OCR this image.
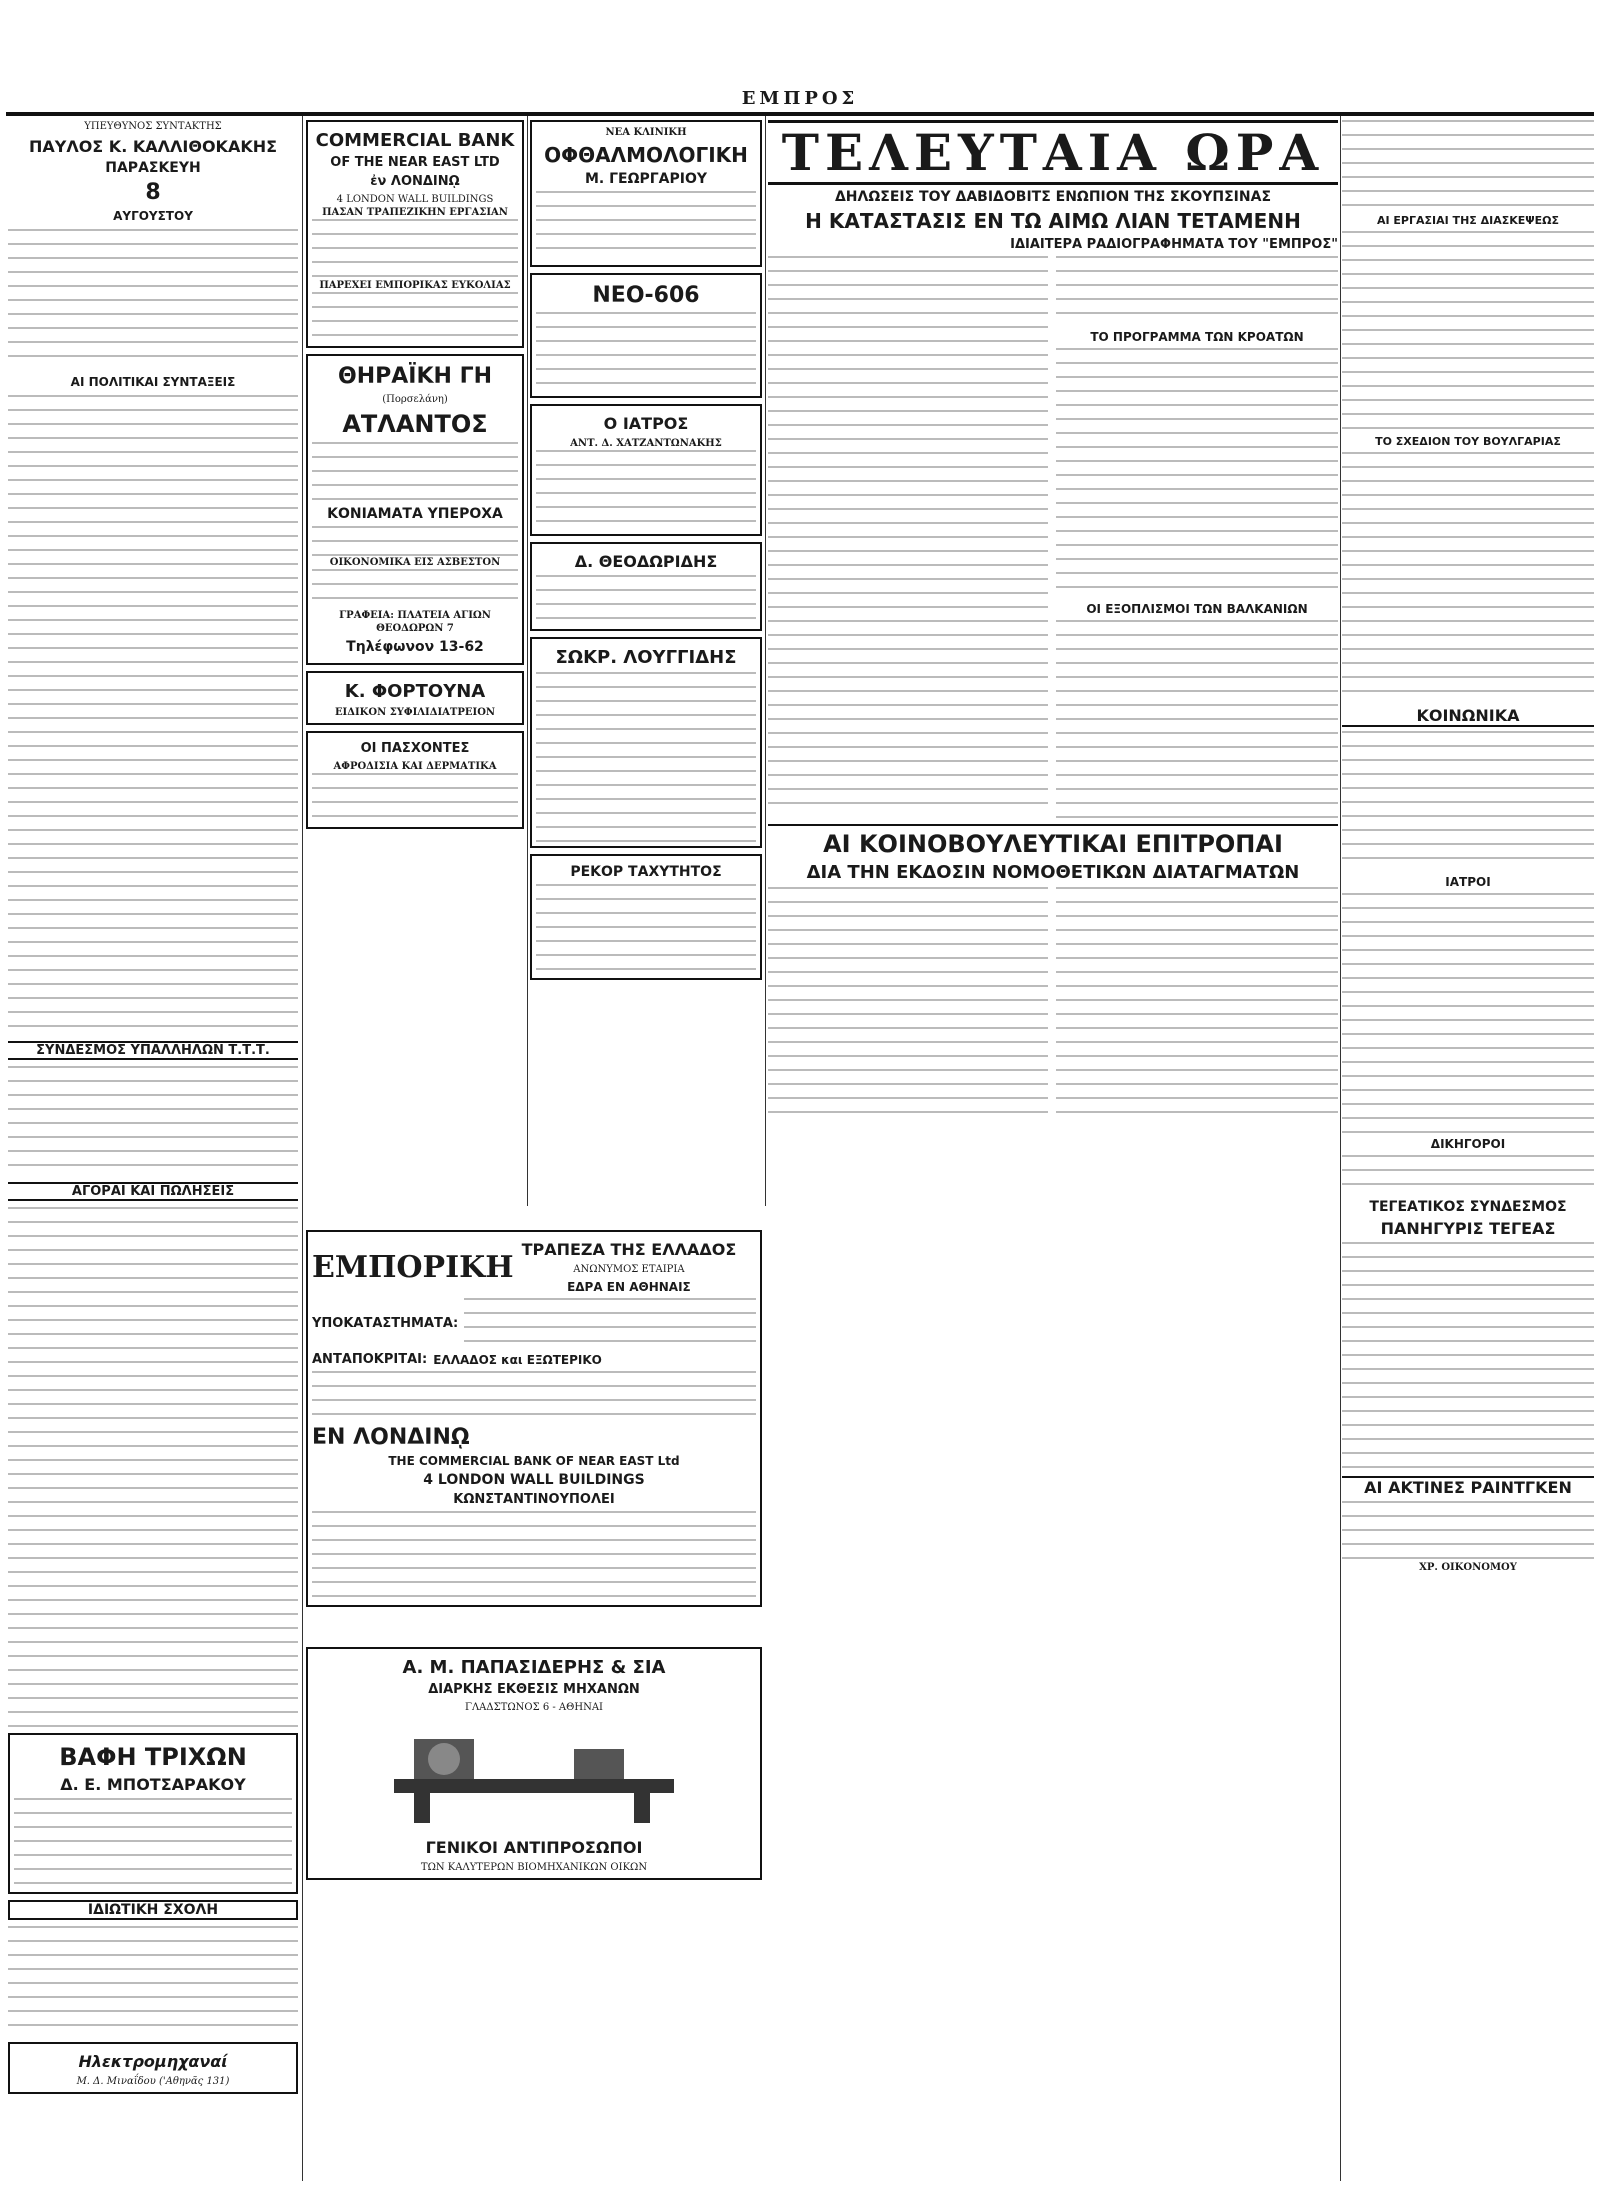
ΕΜΠΡΟΣ
ΥΠΕΥΘΥΝΟΣ ΣΥΝΤΑΚΤΗΣ
ΠΑΥΛΟΣ Κ. ΚΑΛΛΙΘΟΚΑΚΗΣ
ΠΑΡΑΣΚΕΥΗ
8
ΑΥΓΟΥΣΤΟΥ
ΑΙ ΠΟΛΙΤΙΚΑΙ ΣΥΝΤΑΞΕΙΣ
ΣΥΝΔΕΣΜΟΣ ΥΠΑΛΛΗΛΩΝ Τ.Τ.Τ.
ΑΓΟΡΑΙ ΚΑΙ ΠΩΛΗΣΕΙΣ
ΒΑΦΗ ΤΡΙΧΩΝ
Δ. Ε. ΜΠΟΤΣΑΡΑΚΟΥ
ΙΔΙΩΤΙΚΗ ΣΧΟΛΗ
Ηλεκτρομηχαναί
Μ. Δ. Μιναΐδου ('Αθηνᾶς 131)
COMMERCIAL BANK
OF THE NEAR EAST LTD
ἐν ΛΟΝΔΙΝῼ
4 LONDON WALL BUILDINGS
ΠΑΣΑΝ ΤΡΑΠΕΖΙΚΗΝ ΕΡΓΑΣΙΑΝ
ΠΑΡΕΧΕΙ ΕΜΠΟΡΙΚΑΣ ΕΥΚΟΛΙΑΣ
ΘΗΡΑΪΚΗ ΓΗ
(Πορσελάνη)
ΑΤΛΑΝΤΟΣ
ΚΟΝΙΑΜΑΤΑ ΥΠΕΡΟΧΑ
ΟΙΚΟΝΟΜΙΚΑ ΕΙΣ ΑΣΒΕΣΤΟΝ
ΓΡΑΦΕΙΑ: ΠΛΑΤΕΙΑ ΑΓΙΩΝ ΘΕΟΔΩΡΩΝ 7
Τηλέφωνον 13-62
Κ. ΦΟΡΤΟΥΝΑ
ΕΙΔΙΚΟΝ ΣΥΦΙΛΙΔΙΑΤΡΕΙΟΝ
ΟΙ ΠΑΣΧΟΝΤΕΣ
ΑΦΡΟΔΙΣΙΑ ΚΑΙ ΔΕΡΜΑΤΙΚΑ
ΝΕΑ ΚΛΙΝΙΚΗ
ΟΦΘΑΛΜΟΛΟΓΙΚΗ
Μ. ΓΕΩΡΓΑΡΙΟΥ
ΝΕΟ-606
Ο ΙΑΤΡΟΣ
ΑΝΤ. Δ. ΧΑΤΖΑΝΤΩΝΑΚΗΣ
Δ. ΘΕΟΔΩΡΙΔΗΣ
ΣΩΚΡ. ΛΟΥΓΓΙΔΗΣ
ΡΕΚΟΡ ΤΑΧΥΤΗΤΟΣ
ΤΕΛΕΥΤΑΙΑ ΩΡΑ
ΔΗΛΩΣΕΙΣ ΤΟΥ ΔΑΒΙΔΟΒΙΤΣ ΕΝΩΠΙΟΝ ΤΗΣ ΣΚΟΥΠΣΙΝΑΣ
Η ΚΑΤΑΣΤΑΣΙΣ ΕΝ ΤΩ ΑΙΜΩ ΛΙΑΝ ΤΕΤΑΜΕΝΗ
ΙΔΙΑΙΤΕΡΑ ΡΑΔΙΟΓΡΑΦΗΜΑΤΑ ΤΟΥ "ΕΜΠΡΟΣ"
ΤΟ ΠΡΟΓΡΑΜΜΑ ΤΩΝ ΚΡΟΑΤΩΝ
ΟΙ ΕΞΟΠΛΙΣΜΟΙ ΤΩΝ ΒΑΛΚΑΝΙΩΝ
ΑΙ ΚΟΙΝΟΒΟΥΛΕΥΤΙΚΑΙ ΕΠΙΤΡΟΠΑΙ
ΔΙΑ ΤΗΝ ΕΚΔΟΣΙΝ ΝΟΜΟΘΕΤΙΚΩΝ ΔΙΑΤΑΓΜΑΤΩΝ
ΑΙ ΕΡΓΑΣΙΑΙ ΤΗΣ ΔΙΑΣΚΕΨΕΩΣ
ΤΟ ΣΧΕΔΙΟΝ ΤΟΥ ΒΟΥΛΓΑΡΙΑΣ
ΚΟΙΝΩΝΙΚΑ
ΙΑΤΡΟΙ
ΔΙΚΗΓΟΡΟΙ
ΤΕΓΕΑΤΙΚΟΣ ΣΥΝΔΕΣΜΟΣ
ΠΑΝΗΓΥΡΙΣ ΤΕΓΕΑΣ
ΑΙ ΑΚΤΙΝΕΣ ΡΑΙΝΤΓΚΕΝ
ΧΡ. ΟΙΚΟΝΟΜΟΥ
ΕΜΠΟΡΙΚΗ ΤΡΑΠΕΖΑ ΤΗΣ ΕΛΛΑΔΟΣ
ΑΝΩΝΥΜΟΣ ΕΤΑΙΡΙΑ
ΕΔΡΑ ΕΝ ΑΘΗΝΑΙΣ
ΥΠΟΚΑΤΑΣΤΗΜΑΤΑ:
ΑΝΤΑΠΟΚΡΙΤΑΙ: ΕΛΛΑΔΟΣ και ΕΞΩΤΕΡΙΚΟ
ΕΝ ΛΟΝΔΙΝῼ
THE COMMERCIAL BANK OF NEAR EAST Ltd
4 LONDON WALL BUILDINGS
ΚΩΝΣΤΑΝΤΙΝΟΥΠΟΛΕΙ
Α. Μ. ΠΑΠΑΣΙΔΕΡΗΣ & ΣΙΑ
ΔΙΑΡΚΗΣ ΕΚΘΕΣΙΣ ΜΗΧΑΝΩΝ
ΓΛΑΔΣΤΩΝΟΣ 6 - ΑΘΗΝΑΙ
ΓΕΝΙΚΟΙ ΑΝΤΙΠΡΟΣΩΠΟΙ
ΤΩΝ ΚΑΛΥΤΕΡΩΝ ΒΙΟΜΗΧΑΝΙΚΩΝ ΟΙΚΩΝ
